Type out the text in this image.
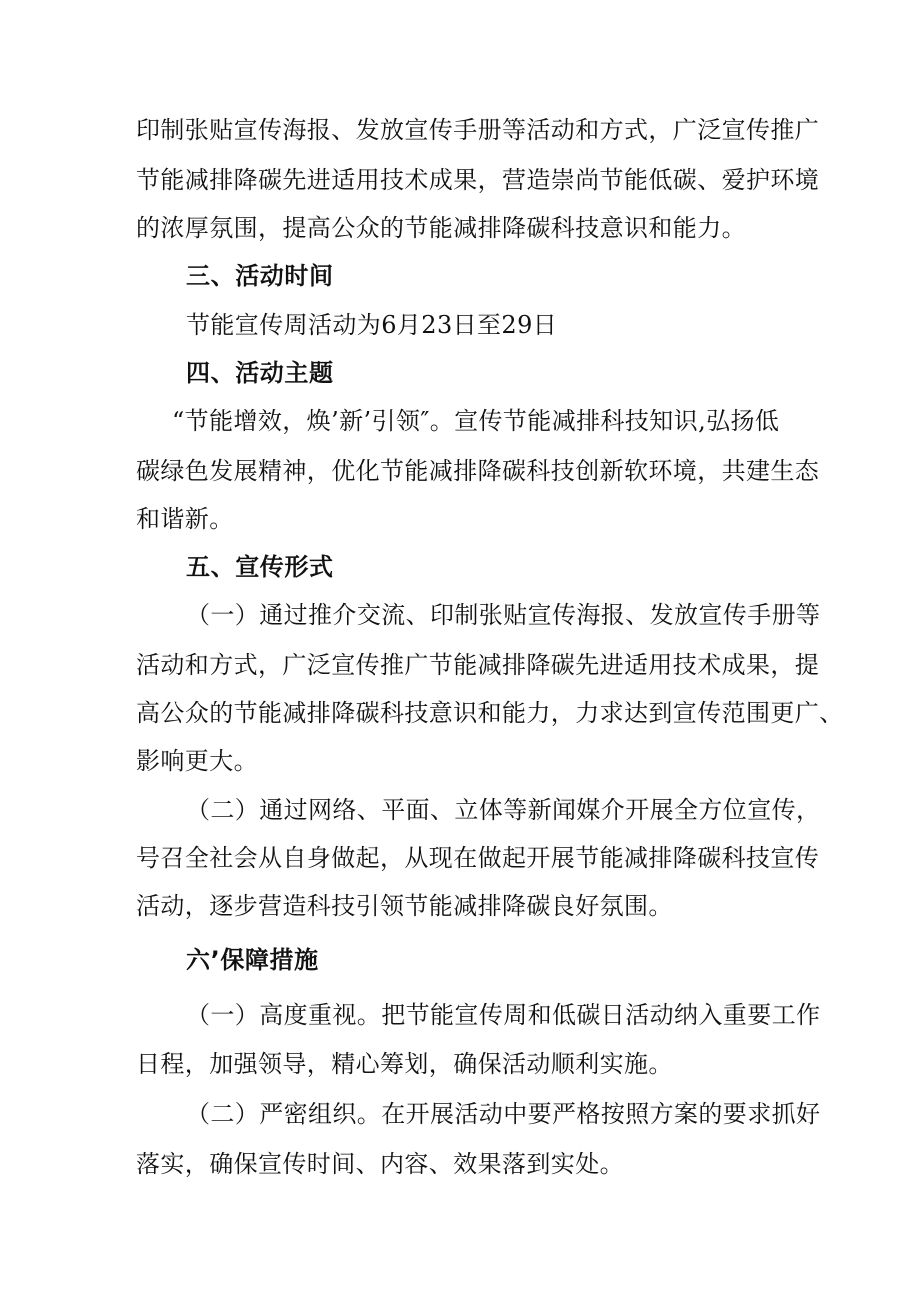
印制张贴宣传海报、发放宣传手册等活动和方式，广泛宣传推广
节能减排降碳先进适用技术成果，营造崇尚节能低碳、爱护环境
的浓厚氛围，提高公众的节能减排降碳科技意识和能力。
三、活动时间
节能宣传周活动为6月23日至29日
四、活动主题
“节能增效，焕’新’引领″。宣传节能减排科技知识,弘扬低
碳绿色发展精神，优化节能减排降碳科技创新软环境，共建生态
和谐新。
五、宣传形式
（一）通过推介交流、印制张贴宣传海报、发放宣传手册等
活动和方式，广泛宣传推广节能减排降碳先进适用技术成果，提
高公众的节能减排降碳科技意识和能力，力求达到宣传范围更广、
影响更大。
（二）通过网络、平面、立体等新闻媒介开展全方位宣传，
号召全社会从自身做起，从现在做起开展节能减排降碳科技宣传
活动，逐步营造科技引领节能减排降碳良好氛围。
六’保障措施
（一）高度重视。把节能宣传周和低碳日活动纳入重要工作
日程，加强领导，精心筹划，确保活动顺利实施。
（二）严密组织。在开展活动中要严格按照方案的要求抓好
落实，确保宣传时间、内容、效果落到实处。
